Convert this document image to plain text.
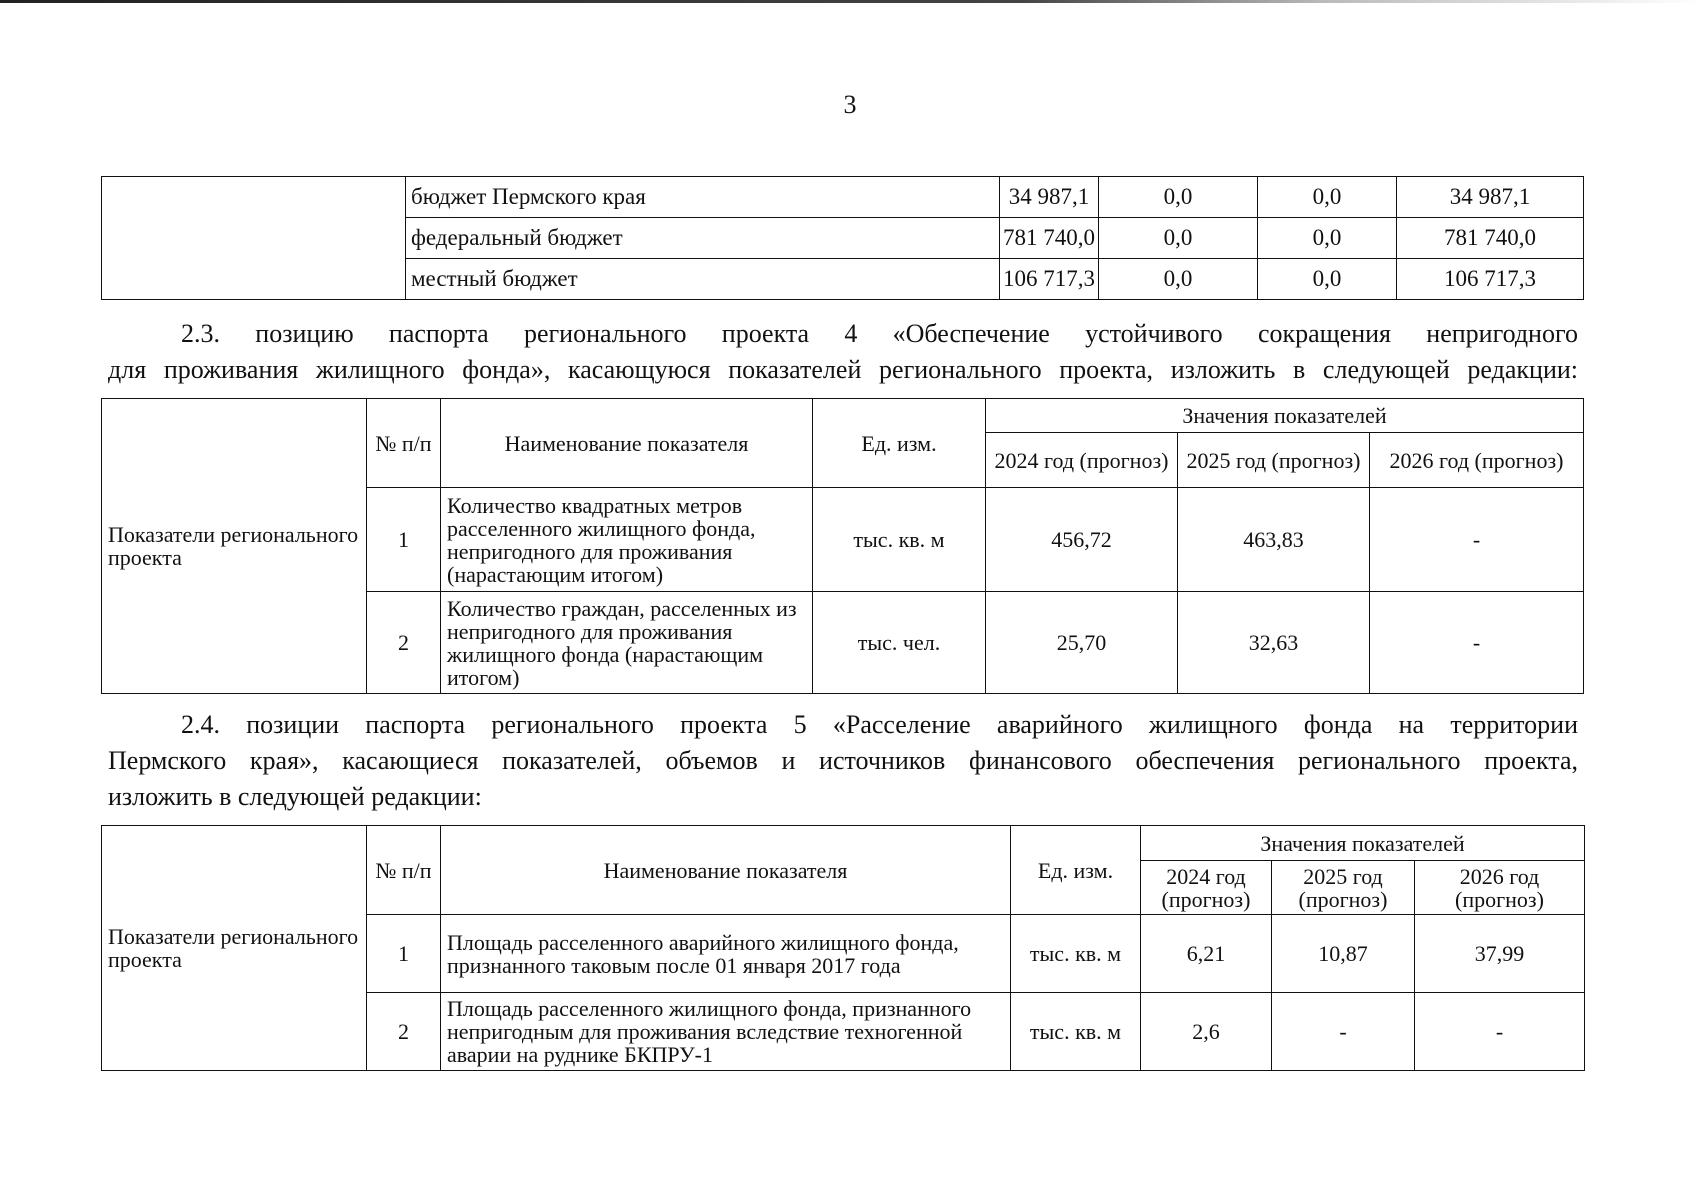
3
	бюджет Пермского края	34 987,1	0,0	0,0	34 987,1
	федеральный бюджет	781 740,0	0,0	0,0	781 740,0
	местный бюджет	106 717,3	0,0	0,0	106 717,3
2.3. позицию паспорта регионального проекта 4 «Обеспечение устойчивого сокращения непригодного
для проживания жилищного фонда», касающуюся показателей регионального проекта, изложить в следующей редакции:
Показатели регионального проекта	№ п/п	Наименование показателя	Ед. изм.	Значения показателей		
				2024 год (прогноз)	2025 год (прогноз)	2026 год (прогноз)
	1	Количество квадратных метров расселенного жилищного фонда, непригодного для проживания (нарастающим итогом)	тыс. кв. м	456,72	463,83	-
	2	Количество граждан, расселенных из непригодного для проживания жилищного фонда (нарастающим итогом)	тыс. чел.	25,70	32,63	-
2.4. позиции паспорта регионального проекта 5 «Расселение аварийного жилищного фонда на территории
Пермского края», касающиеся показателей, объемов и источников финансового обеспечения регионального проекта,
изложить в следующей редакции:
Показатели регионального проекта	№ п/п	Наименование показателя	Ед. изм.	Значения показателей		
				2024 год (прогноз)	2025 год (прогноз)	2026 год (прогноз)
	1	Площадь расселенного аварийного жилищного фонда, признанного таковым после 01 января 2017 года	тыс. кв. м	6,21	10,87	37,99
	2	Площадь расселенного жилищного фонда, признанного непригодным для проживания вследствие техногенной аварии на руднике БКПРУ-1	тыс. кв. м	2,6	-	-
